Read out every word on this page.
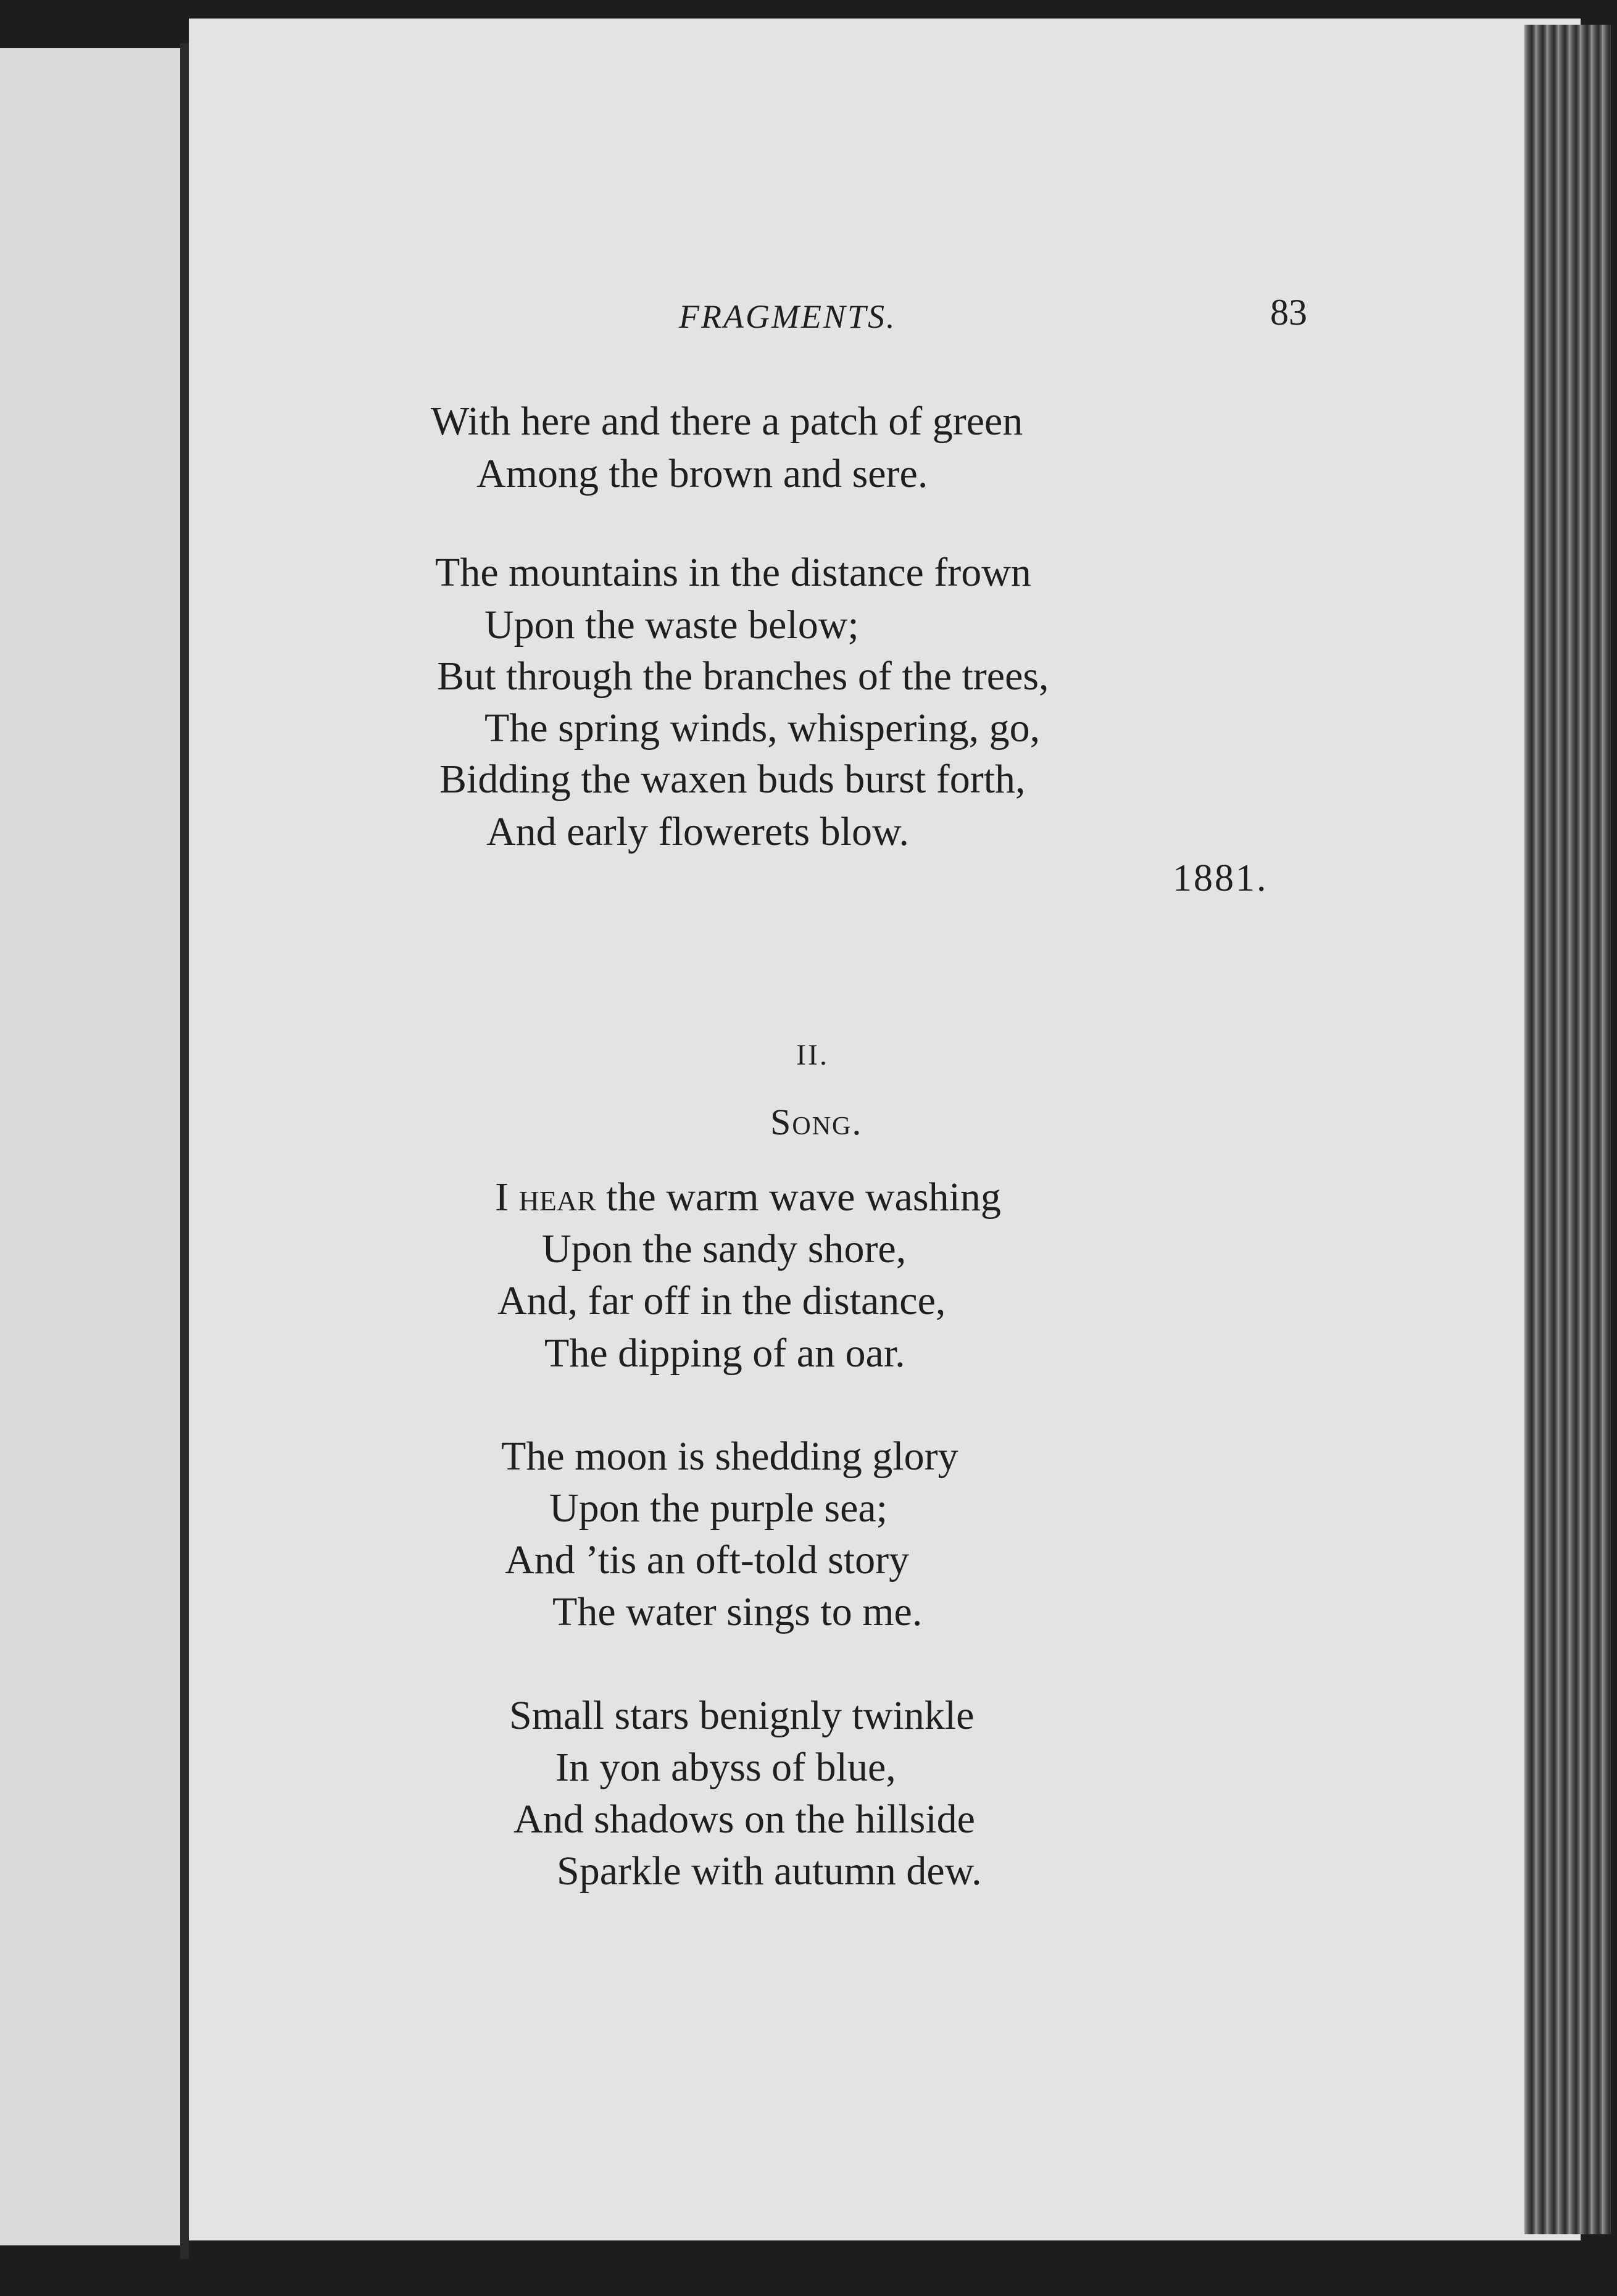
FRAGMENTS.	83
With here and there a patch of green
Among the brown and sere.
The mountains in the distance frown
Upon the waste below;
But through the branches of the trees,
The spring winds, whispering, go,
Bidding the waxen buds burst forth,
And early flowerets blow.
1881.
II.
Song.
I hear the warm wave washing
Upon the sandy shore,
And, far off in the distance,
The dipping of an oar.
The moon is shedding glory
Upon the purple sea;
And ’tis an oft-told story
The water sings to me.
Small stars benignly twinkle
In yon abyss of blue,
And shadows on the hillside
Sparkle with autumn dew.
